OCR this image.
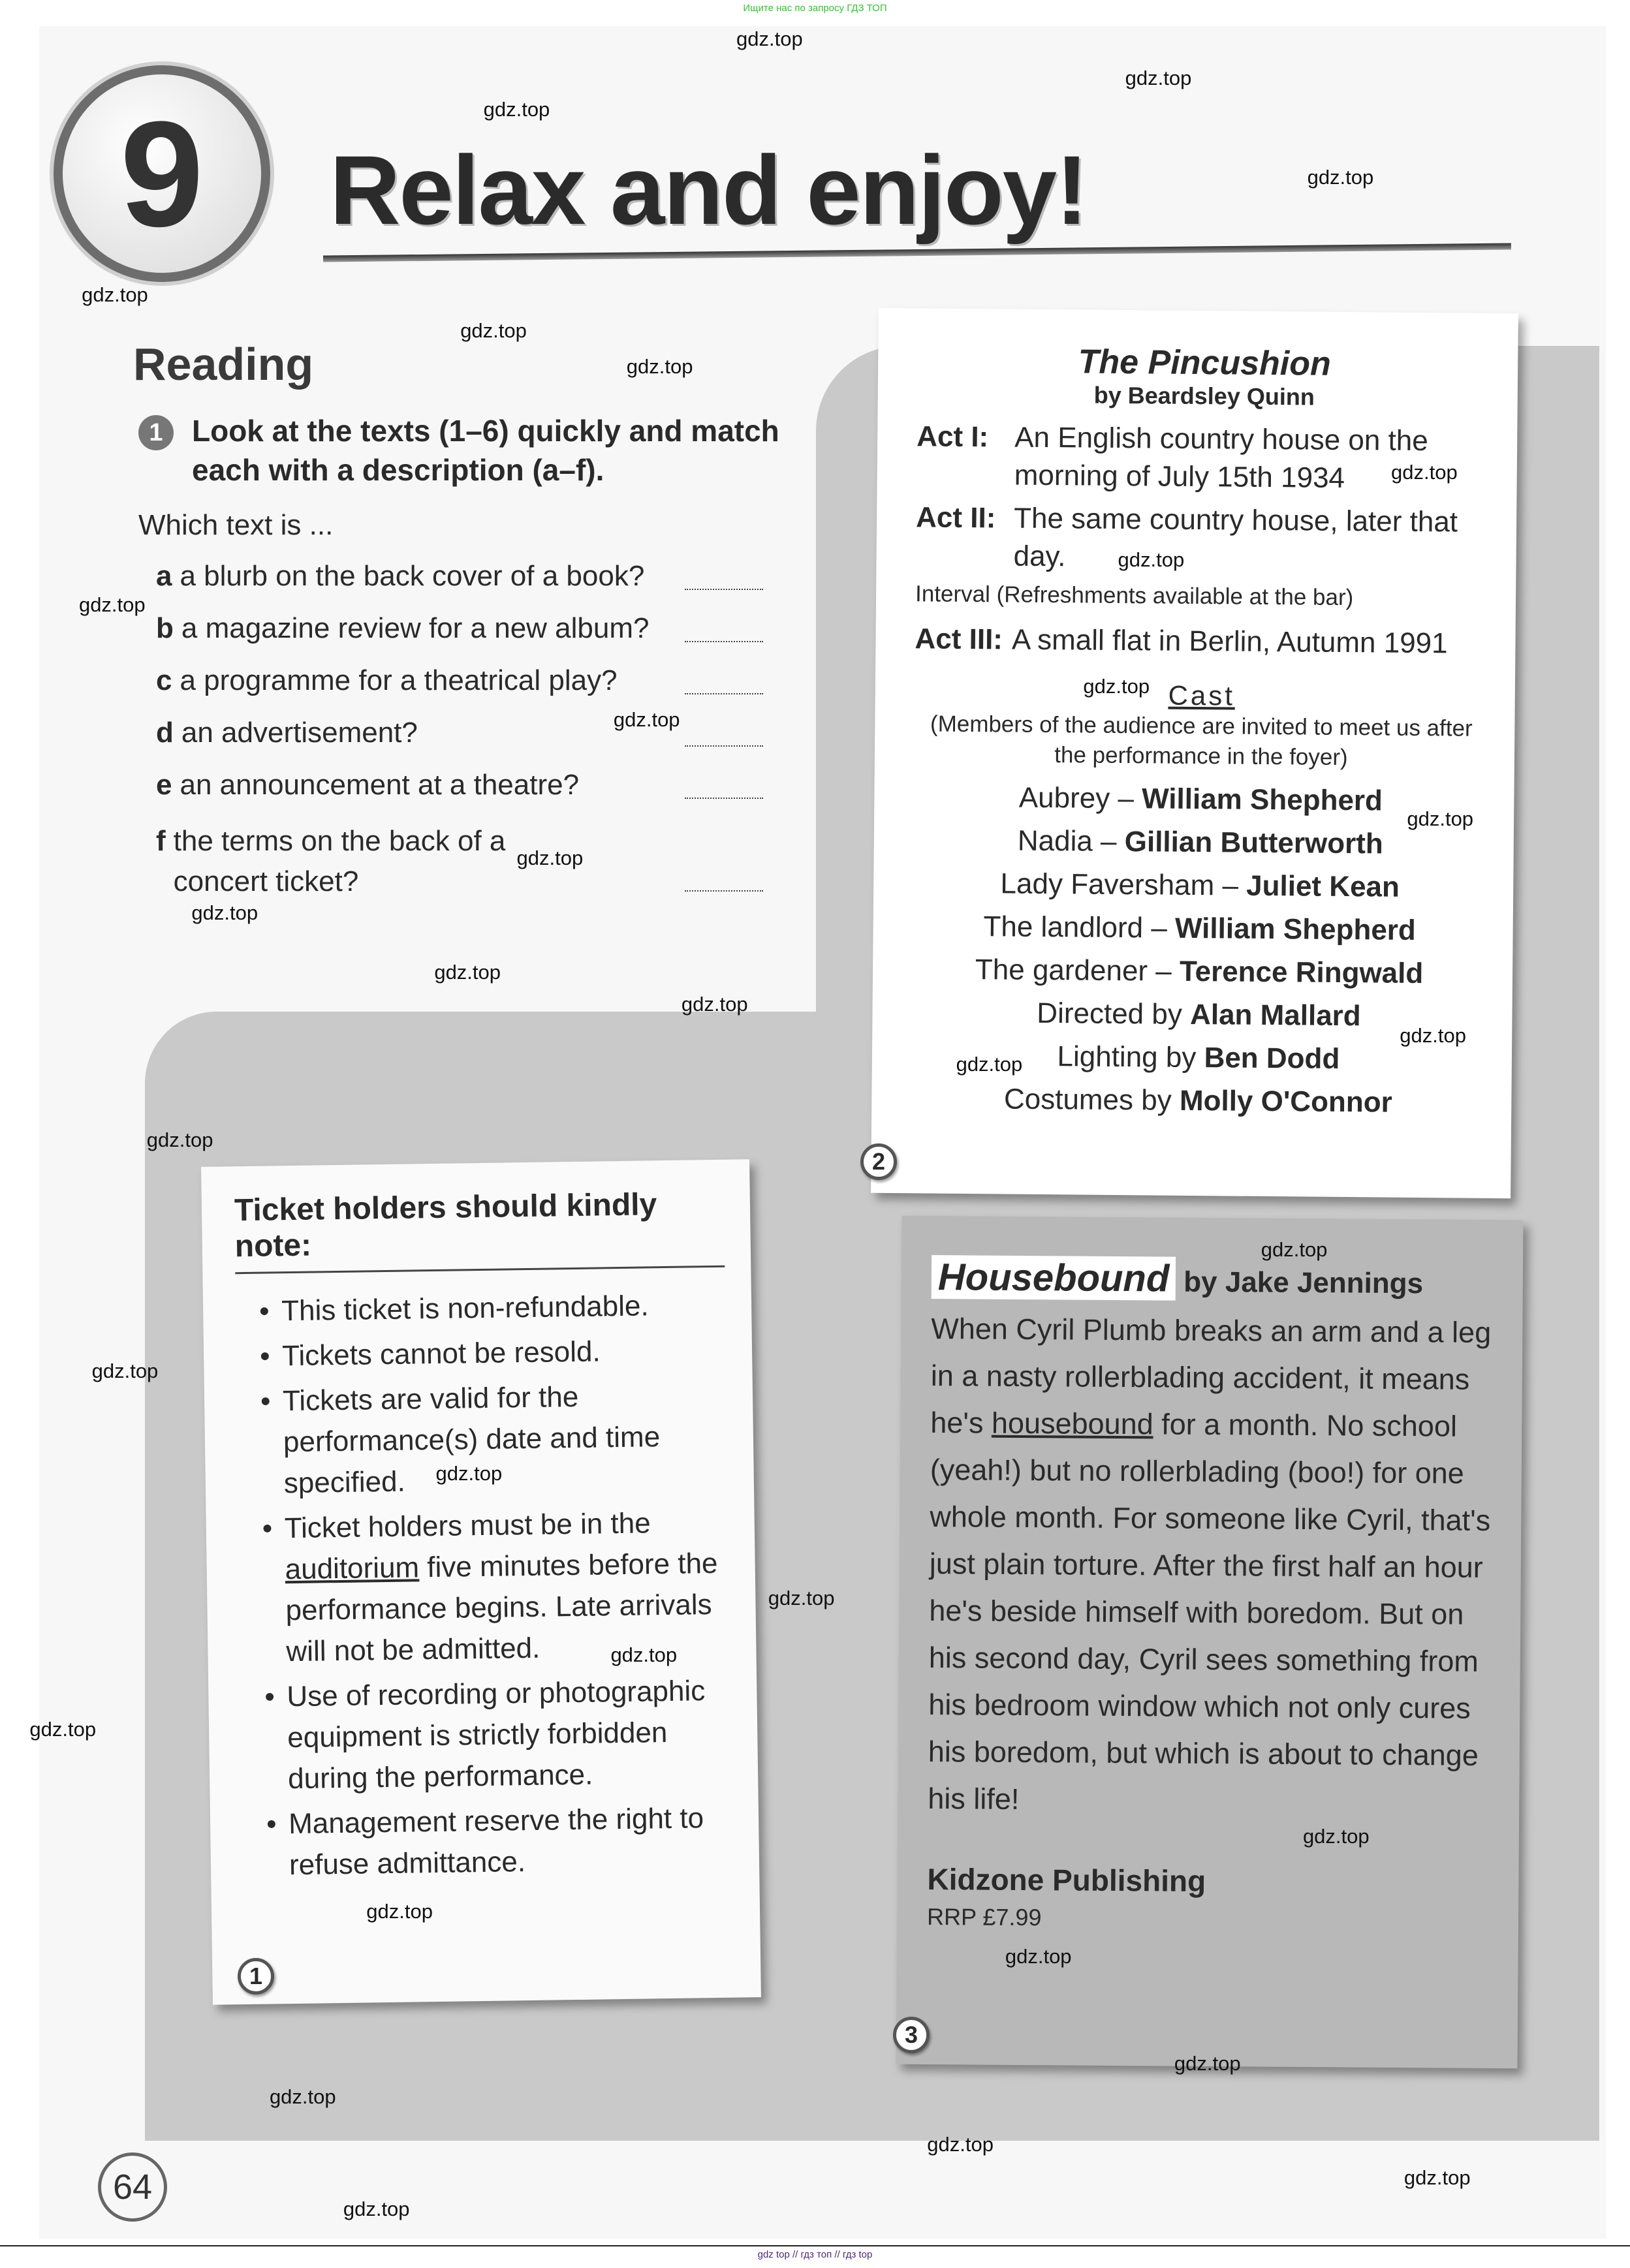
Ищите нас по запросу ГДЗ ТОП
9	Relax and enjoy!
Reading
1 Look at the texts (1–6) quickly and match each with a description (a–f).
Which text is ...
a a blurb on the back cover of a book?
b a magazine review for a new album?
c a programme for a theatrical play?
d an advertisement?
e an announcement at a theatre?
f the terms on the back of a concert ticket?
The Pincushion
by Beardsley Quinn
Act I: An English country house on the morning of July 15th 1934
Act II: The same country house, later that day.
Interval (Refreshments available at the bar)
Act III: A small flat in Berlin, Autumn 1991
Cast
(Members of the audience are invited to meet us after the performance in the foyer)
Aubrey – William Shepherd
Nadia – Gillian Butterworth
Lady Faversham – Juliet Kean
The landlord – William Shepherd
The gardener – Terence Ringwald
Directed by Alan Mallard
Lighting by Ben Dodd
Costumes by Molly O'Connor
2
Ticket holders should kindly note:
• This ticket is non-refundable.
• Tickets cannot be resold.
• Tickets are valid for the performance(s) date and time specified.
• Ticket holders must be in the auditorium five minutes before the performance begins. Late arrivals will not be admitted.
• Use of recording or photographic equipment is strictly forbidden during the performance.
• Management reserve the right to refuse admittance.
1
Housebound by Jake Jennings
When Cyril Plumb breaks an arm and a leg in a nasty rollerblading accident, it means he's housebound for a month. No school (yeah!) but no rollerblading (boo!) for one whole month. For someone like Cyril, that's just plain torture. After the first half an hour he's beside himself with boredom. But on his second day, Cyril sees something from his bedroom window which not only cures his boredom, but which is about to change his life!
Kidzone Publishing
RRP £7.99
3
64
gdz top // гдз топ // гдз top
gdz.top
gdz.top
gdz.top
gdz.top
gdz.top
gdz.top
gdz.top
gdz.top
gdz.top
gdz.top
gdz.top
gdz.top
gdz.top
gdz.top
gdz.top
gdz.top
gdz.top
gdz.top
gdz.top
gdz.top
gdz.top
gdz.top
gdz.top
gdz.top
gdz.top
gdz.top
gdz.top
gdz.top
gdz.top
gdz.top
gdz.top
gdz.top
gdz.top
gdz.top
